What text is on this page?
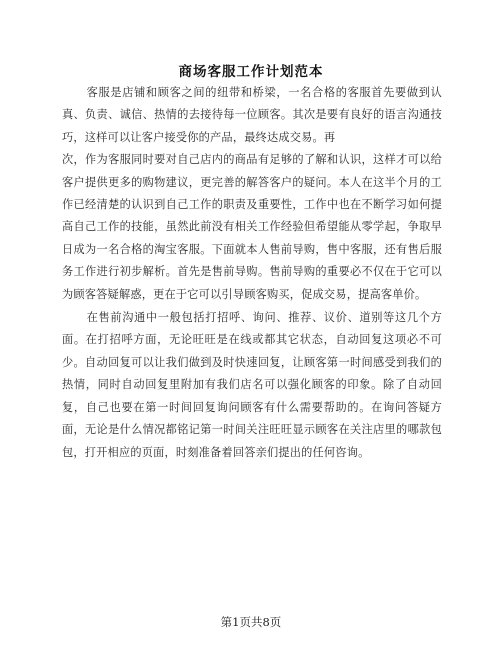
商场客服工作计划范本

客服是店铺和顾客之间的纽带和桥梁，一名合格的客服首先要做到认真、负责、诚信、热情的去接待每一位顾客。其次是要有良好的语言沟通技巧，这样可以让客户接受你的产品，最终达成交易。再

次，作为客服同时要对自己店内的商品有足够的了解和认识，这样才可以给客户提供更多的购物建议，更完善的解答客户的疑问。本人在这半个月的工作已经清楚的认识到自己工作的职责及重要性，工作中也在不断学习如何提高自己工作的技能，虽然此前没有相关工作经验但希望能从零学起，争取早日成为一名合格的淘宝客服。下面就本人售前导购，售中客服，还有售后服务工作进行初步解析。首先是售前导购。售前导购的重要必不仅在于它可以为顾客答疑解惑，更在于它可以引导顾客购买，促成交易，提高客单价。

在售前沟通中一般包括打招呼、询问、推荐、议价、道别等这几个方面。在打招呼方面，无论旺旺是在线或都其它状态，自动回复这项必不可少。自动回复可以让我们做到及时快速回复，让顾客第一时间感受到我们的热情，同时自动回复里附加有我们店名可以强化顾客的印象。除了自动回复，自己也要在第一时间回复询问顾客有什么需要帮助的。在询问答疑方面，无论是什么情况都铭记第一时间关注旺旺显示顾客在关注店里的哪款包包，打开相应的页面，时刻准备着回答亲们提出的任何咨询。

第1页共8页
